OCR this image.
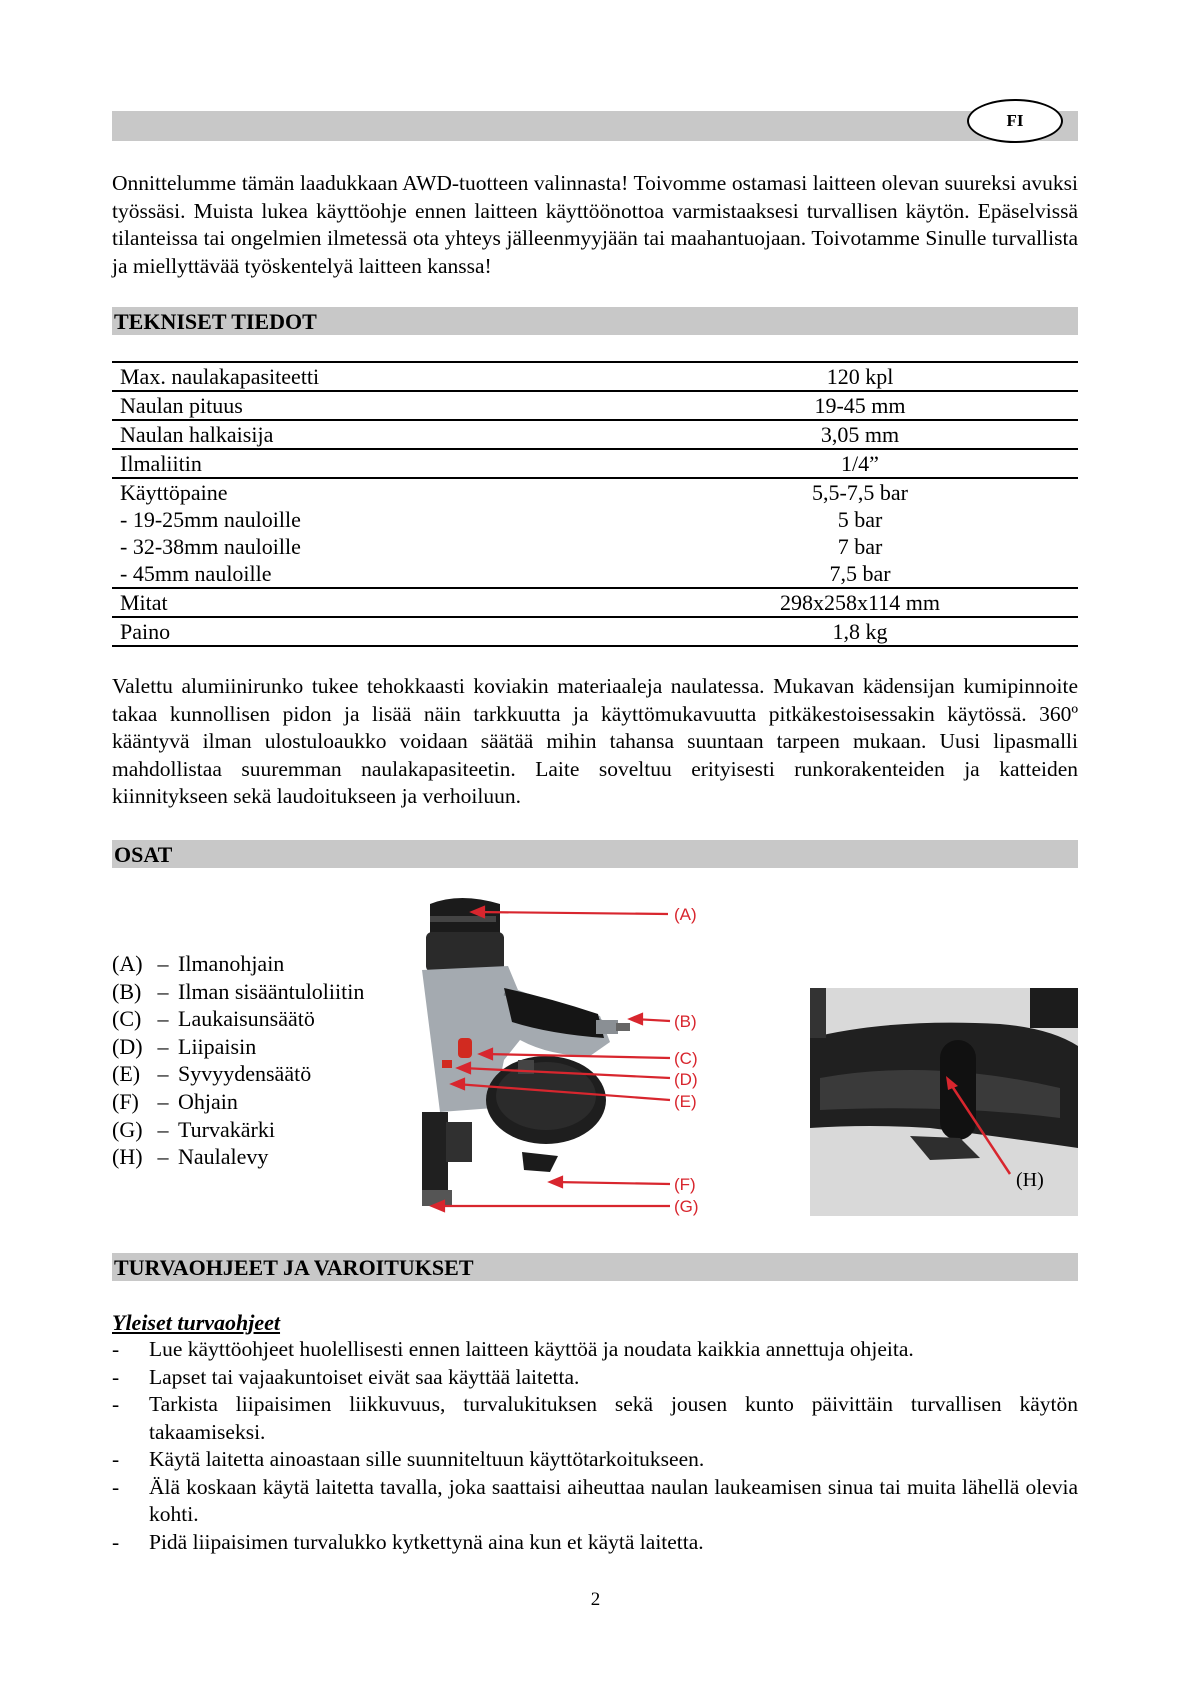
FI
Onnittelumme tämän laadukkaan AWD-tuotteen valinnasta! Toivomme ostamasi laitteen olevan suureksi avuksi työssäsi. Muista lukea käyttöohje ennen laitteen käyttöönottoa varmistaaksesi turvallisen käytön. Epäselvissä tilanteissa tai ongelmien ilmetessä ota yhteys jälleenmyyjään tai maahantuojaan. Toivotamme Sinulle turvallista ja miellyttävää työskentelyä laitteen kanssa!
TEKNISET TIEDOT
Max. naulakapasiteetti	120 kpl
Naulan pituus	19-45 mm
Naulan halkaisija	3,05 mm
Ilmaliitin	1/4”
Käyttöpaine	5,5-7,5 bar
- 19-25mm nauloille	5 bar
- 32-38mm nauloille	7 bar
- 45mm nauloille	7,5 bar
Mitat	298x258x114 mm
Paino	1,8 kg
Valettu alumiinirunko tukee tehokkaasti koviakin materiaaleja naulatessa. Mukavan kädensijan kumipinnoite takaa kunnollisen pidon ja lisää näin tarkkuutta ja käyttömukavuutta pitkäkestoisessakin käytössä. 360º kääntyvä ilman ulostuloaukko voidaan säätää mihin tahansa suuntaan tarpeen mukaan. Uusi lipasmalli mahdollistaa suuremman naulakapasiteetin. Laite soveltuu erityisesti runkorakenteiden ja katteiden kiinnitykseen sekä laudoitukseen ja verhoiluun.
OSAT
(A) – Ilmanohjain
(B) – Ilman sisääntuloliitin
(C) – Laukaisunsäätö
(D) – Liipaisin
(E) – Syvyydensäätö
(F) – Ohjain
(G) – Turvakärki
(H) – Naulalevy
(A)
(B)
(C)
(D)
(E)
(F)
(G)
(H)
TURVAOHJEET JA VAROITUKSET
Yleiset turvaohjeet
-	Lue käyttöohjeet huolellisesti ennen laitteen käyttöä ja noudata kaikkia annettuja ohjeita.
-	Lapset tai vajaakuntoiset eivät saa käyttää laitetta.
-	Tarkista liipaisimen liikkuvuus, turvalukituksen sekä jousen kunto päivittäin turvallisen käytön takaamiseksi.
-	Käytä laitetta ainoastaan sille suunniteltuun käyttötarkoitukseen.
-	Älä koskaan käytä laitetta tavalla, joka saattaisi aiheuttaa naulan laukeamisen sinua tai muita lähellä olevia kohti.
-	Pidä liipaisimen turvalukko kytkettynä aina kun et käytä laitetta.
2
